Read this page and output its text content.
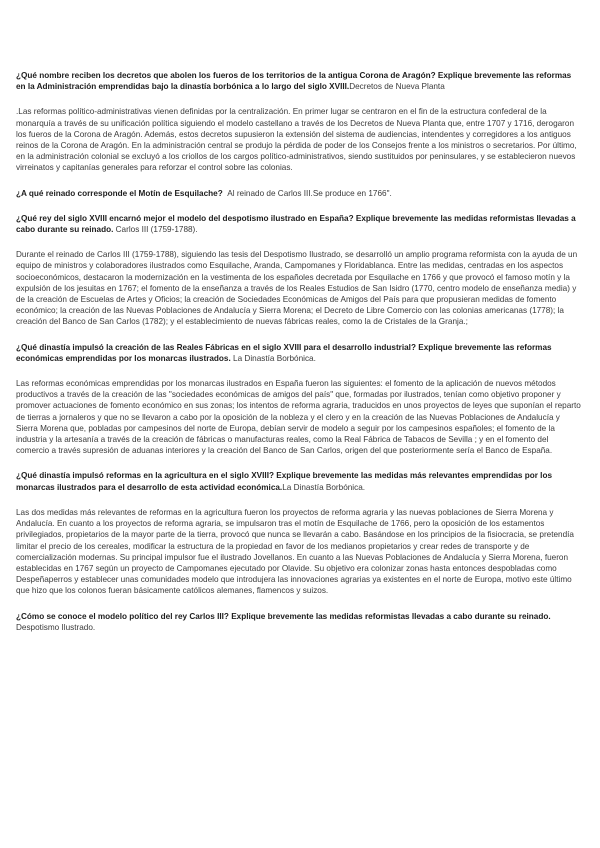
¿Qué nombre reciben los decretos que abolen los fueros de los territorios de la antigua Corona de Aragón? Explique brevemente las reformas en la Administración emprendidas bajo la dinastía borbónica a lo largo del siglo XVIII.Decretos de Nueva Planta

.Las reformas político-administrativas vienen definidas por la centralización. En primer lugar se centraron en el fin de la estructura confederal de la monarquía a través de su unificación política siguiendo el modelo castellano a través de los Decretos de Nueva Planta que, entre 1707 y 1716, derogaron los fueros de la Corona de Aragón. Además, estos decretos supusieron la extensión del sistema de audiencias, intendentes y corregidores a los antiguos reinos de la Corona de Aragón. En la administración central se produjo la pérdida de poder de los Consejos frente a los ministros o secretarios. Por último, en la administración colonial se excluyó a los criollos de los cargos político-administrativos, siendo sustituidos por peninsulares, y se establecieron nuevos virreinatos y capitanías generales para reforzar el control sobre las colonias.

¿A qué reinado corresponde el Motín de Esquilache? Al reinado de Carlos III.Se produce en 1766".

¿Qué rey del siglo XVIII encarnó mejor el modelo del despotismo ilustrado en España? Explique brevemente las medidas reformistas llevadas a cabo durante su reinado. Carlos III (1759-1788).

Durante el reinado de Carlos III (1759-1788), siguiendo las tesis del Despotismo Ilustrado, se desarrolló un amplio programa reformista con la ayuda de un equipo de ministros y colaboradores ilustrados como Esquilache, Aranda, Campomanes y Floridablanca. Entre las medidas, centradas en los aspectos socioeconómicos, destacaron la modernización en la vestimenta de los españoles decretada por Esquilache en 1766 y que provocó el famoso motín y la expulsión de los jesuitas en 1767; el fomento de la enseñanza a través de los Reales Estudios de San Isidro (1770, centro modelo de enseñanza media) y de la creación de Escuelas de Artes y Oficios; la creación de Sociedades Económicas de Amigos del País para que propusieran medidas de fomento económico; la creación de las Nuevas Poblaciones de Andalucía y Sierra Morena; el Decreto de Libre Comercio con las colonias americanas (1778); la creación del Banco de San Carlos (1782); y el establecimiento de nuevas fábricas reales, como la de Cristales de la Granja.;

¿Qué dinastía impulsó la creación de las Reales Fábricas en el siglo XVIII para el desarrollo industrial? Explique brevemente las reformas económicas emprendidas por los monarcas ilustrados. La Dinastía Borbónica.

Las reformas económicas emprendidas por los monarcas ilustrados en España fueron las siguientes: el fomento de la aplicación de nuevos métodos productivos a través de la creación de las "sociedades económicas de amigos del país" que, formadas por ilustrados, tenían como objetivo proponer y promover actuaciones de fomento económico en sus zonas; los intentos de reforma agraria, traducidos en unos proyectos de leyes que suponían el reparto de tierras a jornaleros y que no se llevaron a cabo por la oposición de la nobleza y el clero y en la creación de las Nuevas Poblaciones de Andalucía y Sierra Morena que, pobladas por campesinos del norte de Europa, debían servir de modelo a seguir por los campesinos españoles; el fomento de la industria y la artesanía a través de la creación de fábricas o manufacturas reales, como la Real Fábrica de Tabacos de Sevilla ; y en el fomento del comercio a través supresión de aduanas interiores y la creación del Banco de San Carlos, origen del que posteriormente sería el Banco de España.

¿Qué dinastía impulsó reformas en la agricultura en el siglo XVIII? Explique brevemente las medidas más relevantes emprendidas por los monarcas ilustrados para el desarrollo de esta actividad económica.La Dinastía Borbónica.

Las dos medidas más relevantes de reformas en la agricultura fueron los proyectos de reforma agraria y las nuevas poblaciones de Sierra Morena y Andalucía. En cuanto a los proyectos de reforma agraria, se impulsaron tras el motín de Esquilache de 1766, pero la oposición de los estamentos privilegiados, propietarios de la mayor parte de la tierra, provocó que nunca se llevarán a cabo. Basándose en los principios de la fisiocracia, se pretendía limitar el precio de los cereales, modificar la estructura de la propiedad en favor de los medianos propietarios y crear redes de transporte y de comercialización modernas. Su principal impulsor fue el ilustrado Jovellanos. En cuanto a las Nuevas Poblaciones de Andalucía y Sierra Morena, fueron establecidas en 1767 según un proyecto de Campomanes ejecutado por Olavide. Su objetivo era colonizar zonas hasta entonces despobladas como Despeñaperros y establecer unas comunidades modelo que introdujera las innovaciones agrarias ya existentes en el norte de Europa, motivo este último que hizo que los colonos fueran básicamente católicos alemanes, flamencos y suizos.

¿Cómo se conoce el modelo político del rey Carlos III? Explique brevemente las medidas reformistas llevadas a cabo durante su reinado.
Despotismo Ilustrado.
